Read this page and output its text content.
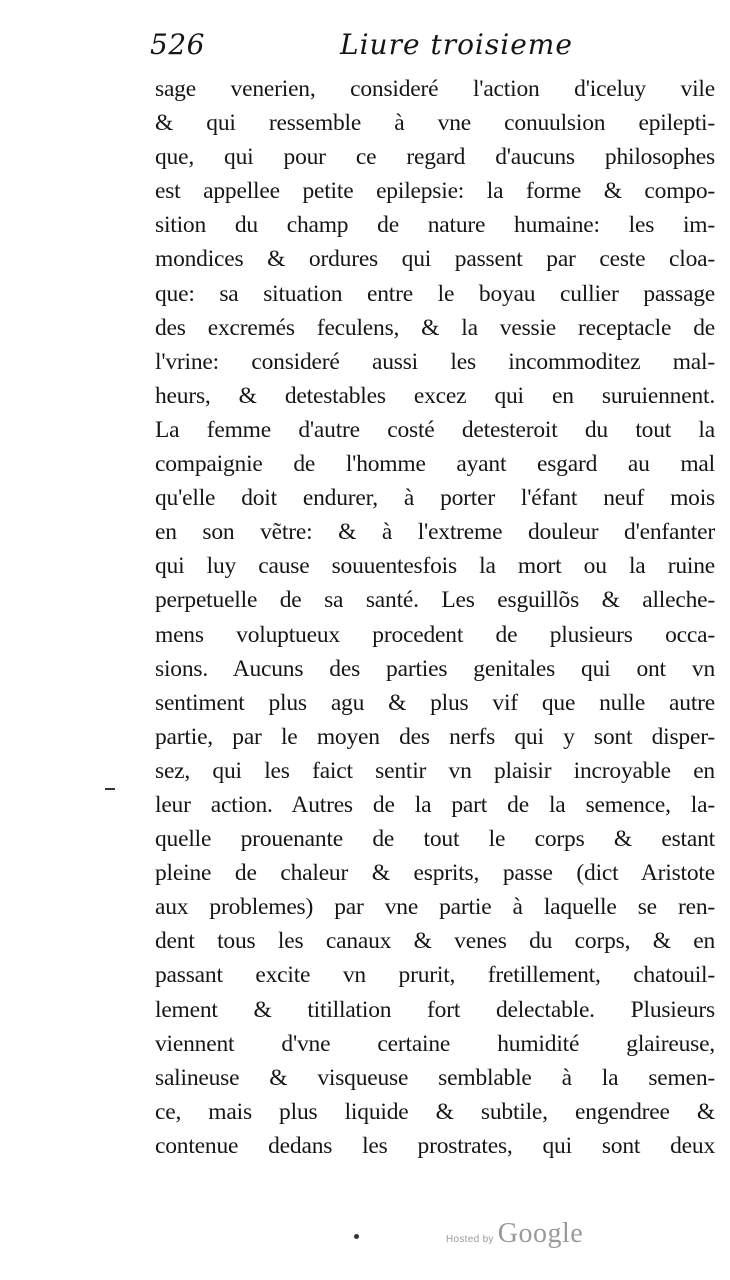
526	Liure troisieme
sage venerien, consideré l'action d'iceluy vile
& qui ressemble à vne conuulsion epilepti-
que, qui pour ce regard d'aucuns philosophes
est appellee petite epilepsie: la forme & compo-
sition du champ de nature humaine: les im-
mondices & ordures qui passent par ceste cloa-
que: sa situation entre le boyau cullier passage
des excremés feculens, & la vessie receptacle de
l'vrine: consideré aussi les incommoditez mal-
heurs, & detestables excez qui en suruiennent.
La femme d'autre costé detesteroit du tout la
compaignie de l'homme ayant esgard au mal
qu'elle doit endurer, à porter l'éfant neuf mois
en son vẽtre: & à l'extreme douleur d'enfanter
qui luy cause souuentesfois la mort ou la ruine
perpetuelle de sa santé. Les esguillõs & alleche-
mens voluptueux procedent de plusieurs occa-
sions. Aucuns des parties genitales qui ont vn
sentiment plus agu & plus vif que nulle autre
partie, par le moyen des nerfs qui y sont disper-
sez, qui les faict sentir vn plaisir incroyable en
leur action. Autres de la part de la semence, la-
quelle prouenante de tout le corps & estant
pleine de chaleur & esprits, passe (dict Aristote
aux problemes) par vne partie à laquelle se ren-
dent tous les canaux & venes du corps, & en
passant excite vn prurit, fretillement, chatouil-
lement & titillation fort delectable. Plusieurs
viennent d'vne certaine humidité glaireuse,
salineuse & visqueuse semblable à la semen-
ce, mais plus liquide & subtile, engendree &
contenue dedans les prostrates, qui sont deux
Hosted by Google
